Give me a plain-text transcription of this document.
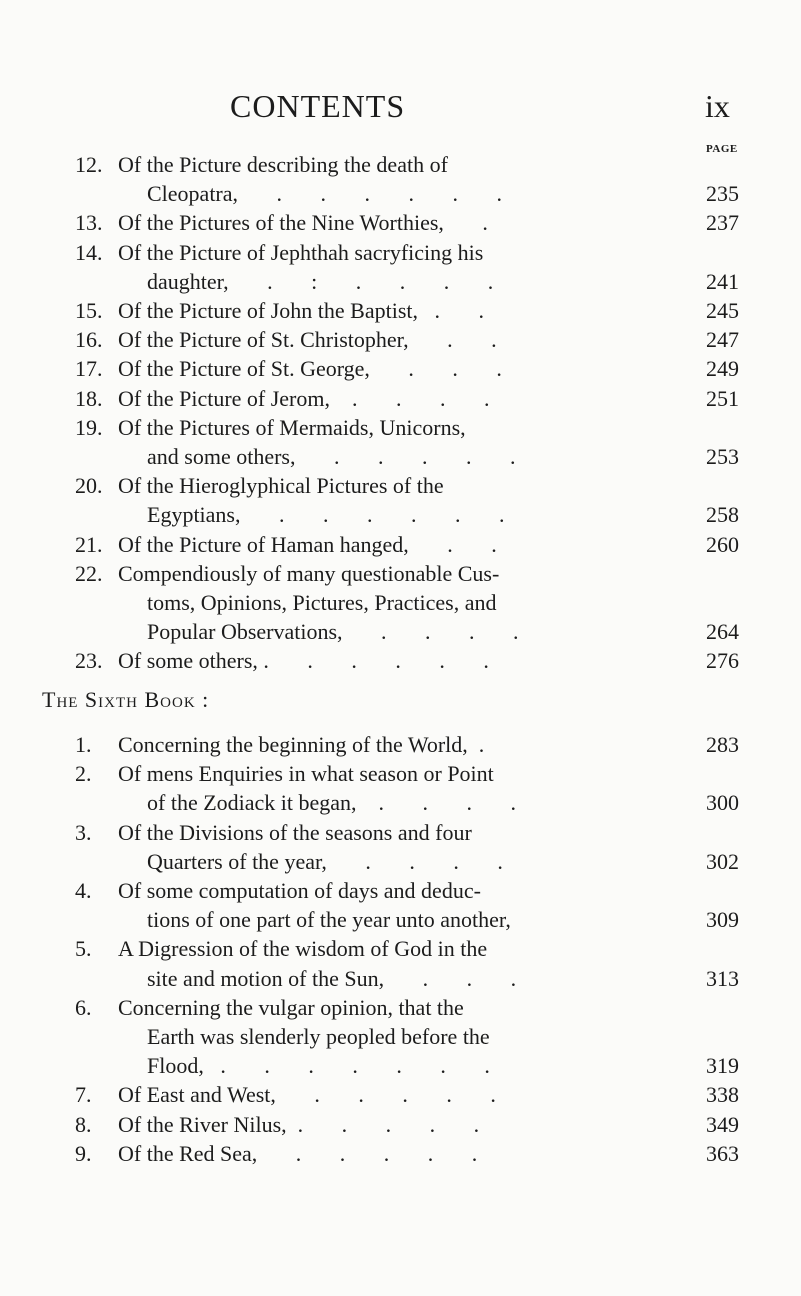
CONTENTS	ix
PAGE
12. Of the Picture describing the death of
Cleopatra,       .       .       .       .       .       .	235
13. Of the Pictures of the Nine Worthies,       .	237
14. Of the Picture of Jephthah sacryficing his
daughter,       .       :       .       .       .       .	241
15. Of the Picture of John the Baptist,   .       .	245
16. Of the Picture of St. Christopher,       .       .	247
17. Of the Picture of St. George,       .       .       .	249
18. Of the Picture of Jerom,    .       .       .       .	251
19. Of the Pictures of Mermaids, Unicorns,
and some others,       .       .       .       .       .	253
20. Of the Hieroglyphical Pictures of the
Egyptians,       .       .       .       .       .       .	258
21. Of the Picture of Haman hanged,       .       .	260
22. Compendiously of many questionable Cus-
toms, Opinions, Pictures, Practices, and
Popular Observations,       .       .       .       .	264
23. Of some others, .       .       .       .       .       .	276
The Sixth Book :
1. Concerning the beginning of the World,  .	283
2. Of mens Enquiries in what season or Point
of the Zodiack it began,    .       .       .       .	300
3. Of the Divisions of the seasons and four
Quarters of the year,       .       .       .       .	302
4. Of some computation of days and deduc-
tions of one part of the year unto another,	309
5. A Digression of the wisdom of God in the
site and motion of the Sun,       .       .       .	313
6. Concerning the vulgar opinion, that the
Earth was slenderly peopled before the
Flood,   .       .       .       .       .       .       .	319
7. Of East and West,       .       .       .       .       .	338
8. Of the River Nilus,  .       .       .       .       .	349
9. Of the Red Sea,       .       .       .       .       .	363
